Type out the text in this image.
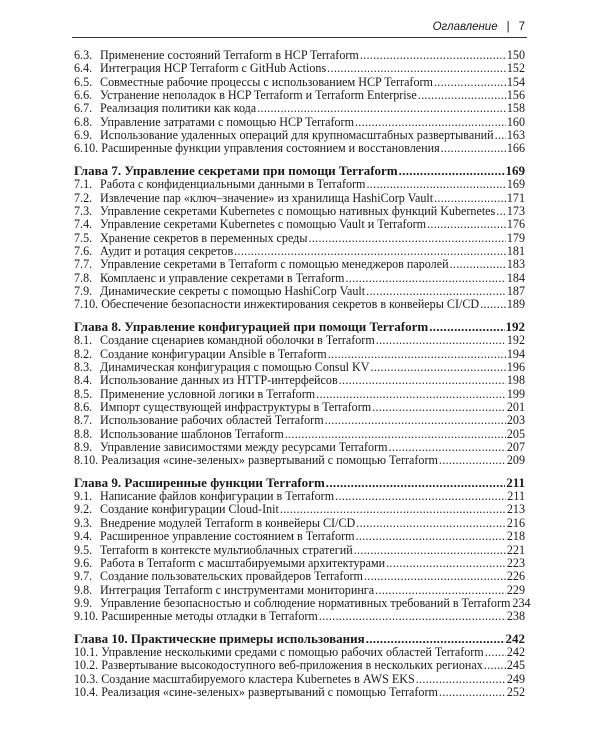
Оглавление | 7
6.3. Применение состояний Terraform в HCP Terraform .....	150
6.4. Интеграция HCP Terraform с GitHub Actions .....	152
6.5. Совместные рабочие процессы с использованием HCP Terraform .....	154
6.6. Устранение неполадок в HCP Terraform и Terraform Enterprise .....	156
6.7. Реализация политики как кода .....	158
6.8. Управление затратами с помощью HCP Terraform .....	160
6.9. Использование удаленных операций для крупномасштабных развертываний ..... 163
6.10. Расширенные функции управления состоянием и восстановления .....	166
Глава 7. Управление секретами при помощи Terraform .....	169
7.1. Работа с конфиденциальными данными в Terraform .....	169
7.2. Извлечение пар «ключ–значение» из хранилища HashiCorp Vault .....	171
7.3. Управление секретами Kubernetes с помощью нативных функций Kubernetes ..... 173
7.4. Управление секретами Kubernetes с помощью Vault и Terraform .....	176
7.5. Хранение секретов в переменных среды .....	179
7.6. Аудит и ротация секретов .....	181
7.7. Управление секретами в Terraform с помощью менеджеров паролей .....	183
7.8. Комплаенс и управление секретами в Terraform .....	184
7.9. Динамические секреты с помощью HashiCorp Vault .....	187
7.10. Обеспечение безопасности инжектирования секретов в конвейеры CI/CD ..... 189
Глава 8. Управление конфигурацией при помощи Terraform .....	192
8.1. Создание сценариев командной оболочки в Terraform .....	192
8.2. Создание конфигурации Ansible в Terraform .....	194
8.3. Динамическая конфигурация с помощью Consul KV .....	196
8.4. Использование данных из HTTP-интерфейсов .....	198
8.5. Применение условной логики в Terraform .....	199
8.6. Импорт существующей инфраструктуры в Terraform .....	201
8.7. Использование рабочих областей Terraform .....	203
8.8. Использование шаблонов Terraform .....	205
8.9. Управление зависимостями между ресурсами Terraform .....	207
8.10. Реализация «сине-зеленых» развертываний с помощью Terraform .....	209
Глава 9. Расширенные функции Terraform .....	211
9.1. Написание файлов конфигурации в Terraform .....	211
9.2. Создание конфигурации Cloud-Init .....	213
9.3. Внедрение модулей Terraform в конвейеры CI/CD .....	216
9.4. Расширенное управление состоянием в Terraform .....	218
9.5. Terraform в контексте мультиоблачных стратегий .....	221
9.6. Работа в Terraform с масштабируемыми архитектурами .....	223
9.7. Создание пользовательских провайдеров Terraform .....	226
9.8. Интеграция Terraform с инструментами мониторинга .....	229
9.9. Управление безопасностью и соблюдение нормативных требований в Terraform 234
9.10. Расширенные методы отладки в Terraform .....	238
Глава 10. Практические примеры использования .....	242
10.1. Управление несколькими средами с помощью рабочих областей Terraform ..... 242
10.2. Развертывание высокодоступного веб-приложения в нескольких регионах ..... 245
10.3. Создание масштабируемого кластера Kubernetes в AWS EKS .....	249
10.4. Реализация «сине-зеленых» развертываний с помощью Terraform .....	252
